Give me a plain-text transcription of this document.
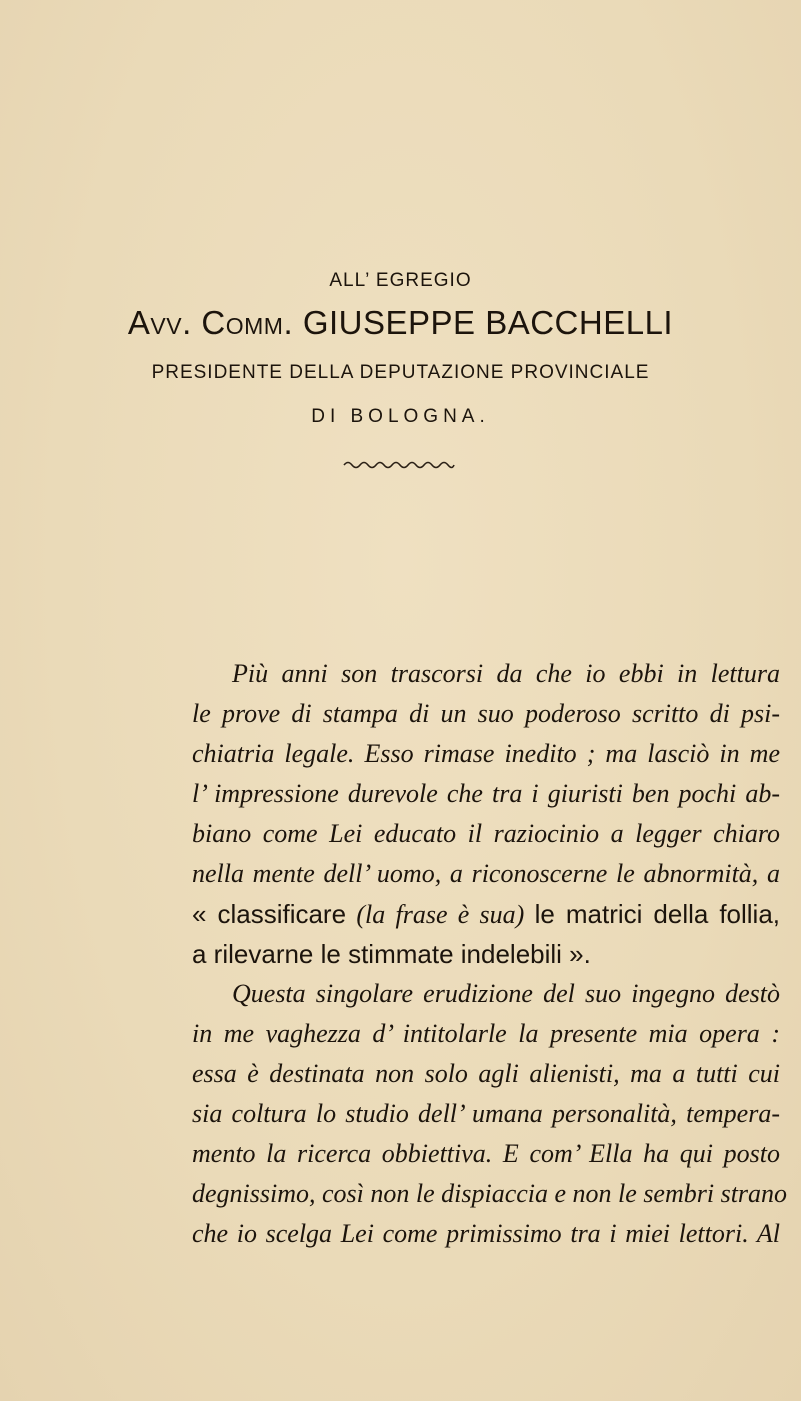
ALL’ EGREGIO
Avv. Comm. GIUSEPPE BACCHELLI
PRESIDENTE DELLA DEPUTAZIONE PROVINCIALE
DI BOLOGNA.
Più anni son trascorsi da che io ebbi in lettura
le prove di stampa di un suo poderoso scritto di psi-
chiatria legale. Esso rimase inedito ; ma lasciò in me
l’ impressione durevole che tra i giuristi ben pochi ab-
biano come Lei educato il raziocinio a legger chiaro
nella mente dell’ uomo, a riconoscerne le abnormità, a
« classificare (la frase è sua) le matrici della follia,
a rilevarne le stimmate indelebili ».
Questa singolare erudizione del suo ingegno destò
in me vaghezza d’ intitolarle la presente mia opera :
essa è destinata non solo agli alienisti, ma a tutti cui
sia coltura lo studio dell’ umana personalità, tempera-
mento la ricerca obbiettiva. E com’ Ella ha qui posto
degnissimo, così non le dispiaccia e non le sembri strano
che io scelga Lei come primissimo tra i miei lettori. Al
